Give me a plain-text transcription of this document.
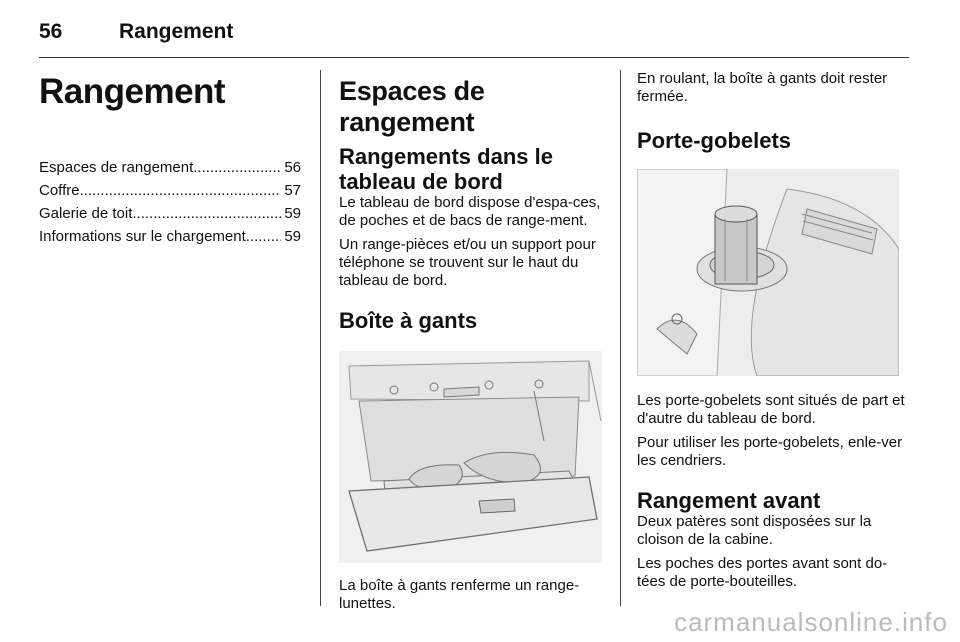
56	Rangement
Rangement
Espaces de rangement .....	56
Coffre .....	57
Galerie de toit .....	59
Informations sur le chargement .....	59
Espaces de rangement
Rangements dans le tableau de bord

Le tableau de bord dispose d'espa-ces, de poches et de bacs de range-ment.

Un range-pièces et/ou un support pour téléphone se trouvent sur le haut du tableau de bord.

Boîte à gants

La boîte à gants renferme un range-lunettes.

En roulant, la boîte à gants doit rester fermée.

Porte-gobelets

Les porte-gobelets sont situés de part et d'autre du tableau de bord.

Pour utiliser les porte-gobelets, enle-ver les cendriers.

Rangement avant

Deux patères sont disposées sur la cloison de la cabine.

Les poches des portes avant sont do-tées de porte-bouteilles.

carmanualsonline.info
